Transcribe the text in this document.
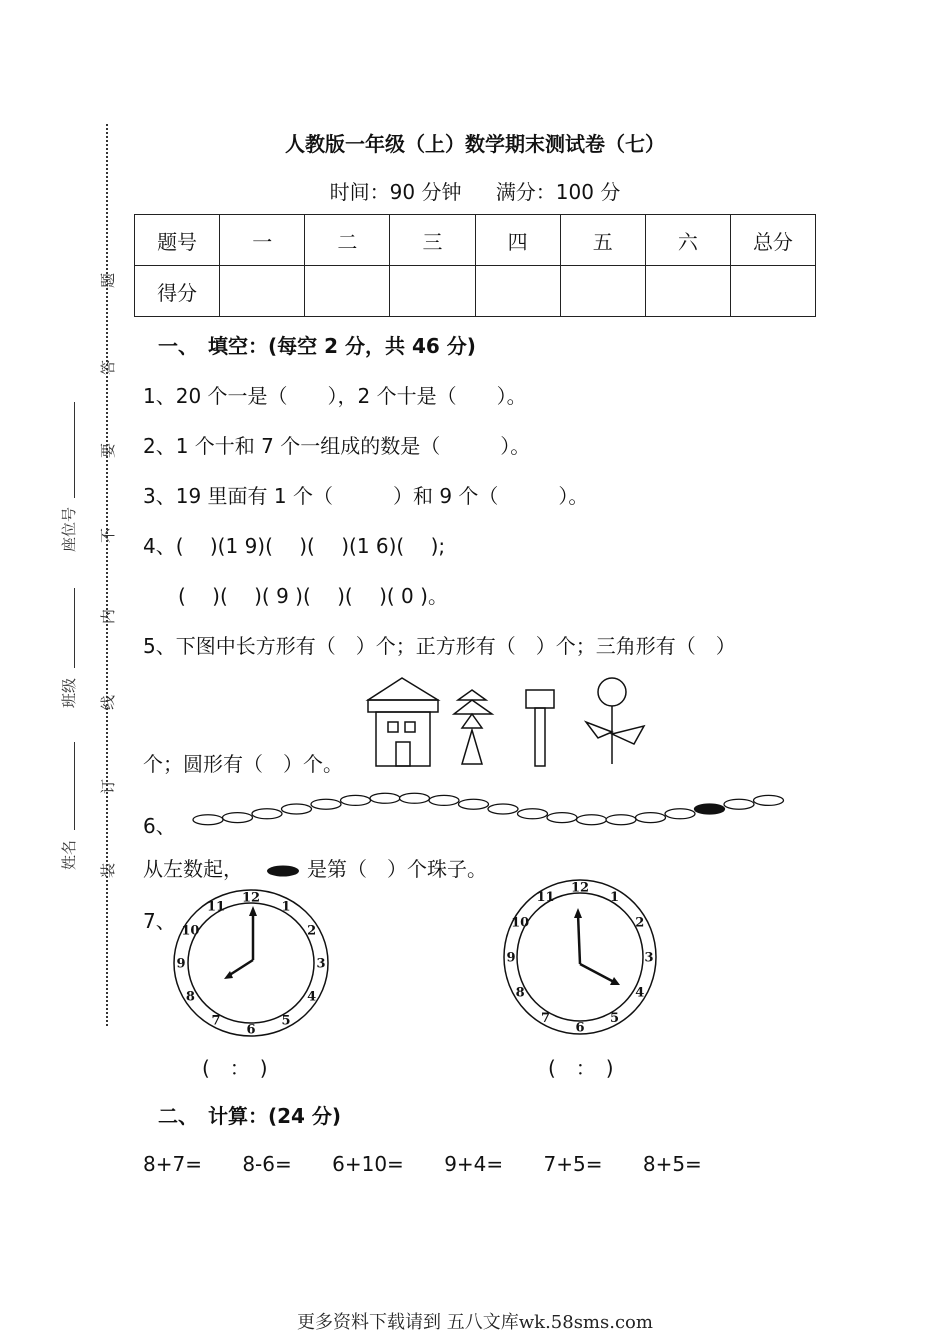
题
答
要
不
内
线
订
装
座位号
班级
姓名
人教版一年级（上）数学期末测试卷（七）
时间：90 分钟 满分：100 分
题号	一	二	三	四	五	六	总分
得分							
一、　填空：(每空 2 分，共 46 分)
1、20 个一是（　　），2 个十是（　　）。
2、1 个十和 7 个一组成的数是（　　　）。
3、19 里面有 1 个（　　　）和 9 个（　　　）。
4、(　 )(1 9)(　 )(　 )(1 6)(　 );
(　 )(　 )( 9 )(　 )(　 )( 0 )。
5、下图中长方形有（　）个；正方形有（　）个；三角形有（　）
个；圆形有（　）个。
6、
从左数起，	是第（　）个珠子。
7、
12
1
2
3
4
5
6
7
8
9
10
11
12
1
2
3
4
5
6
7
8
9
10
11
(　：　)	(　：　)
二、　计算：(24 分)
8+7= 8-6= 6+10= 9+4= 7+5= 8+5=
更多资料下载请到 五八文库wk.58sms.com
